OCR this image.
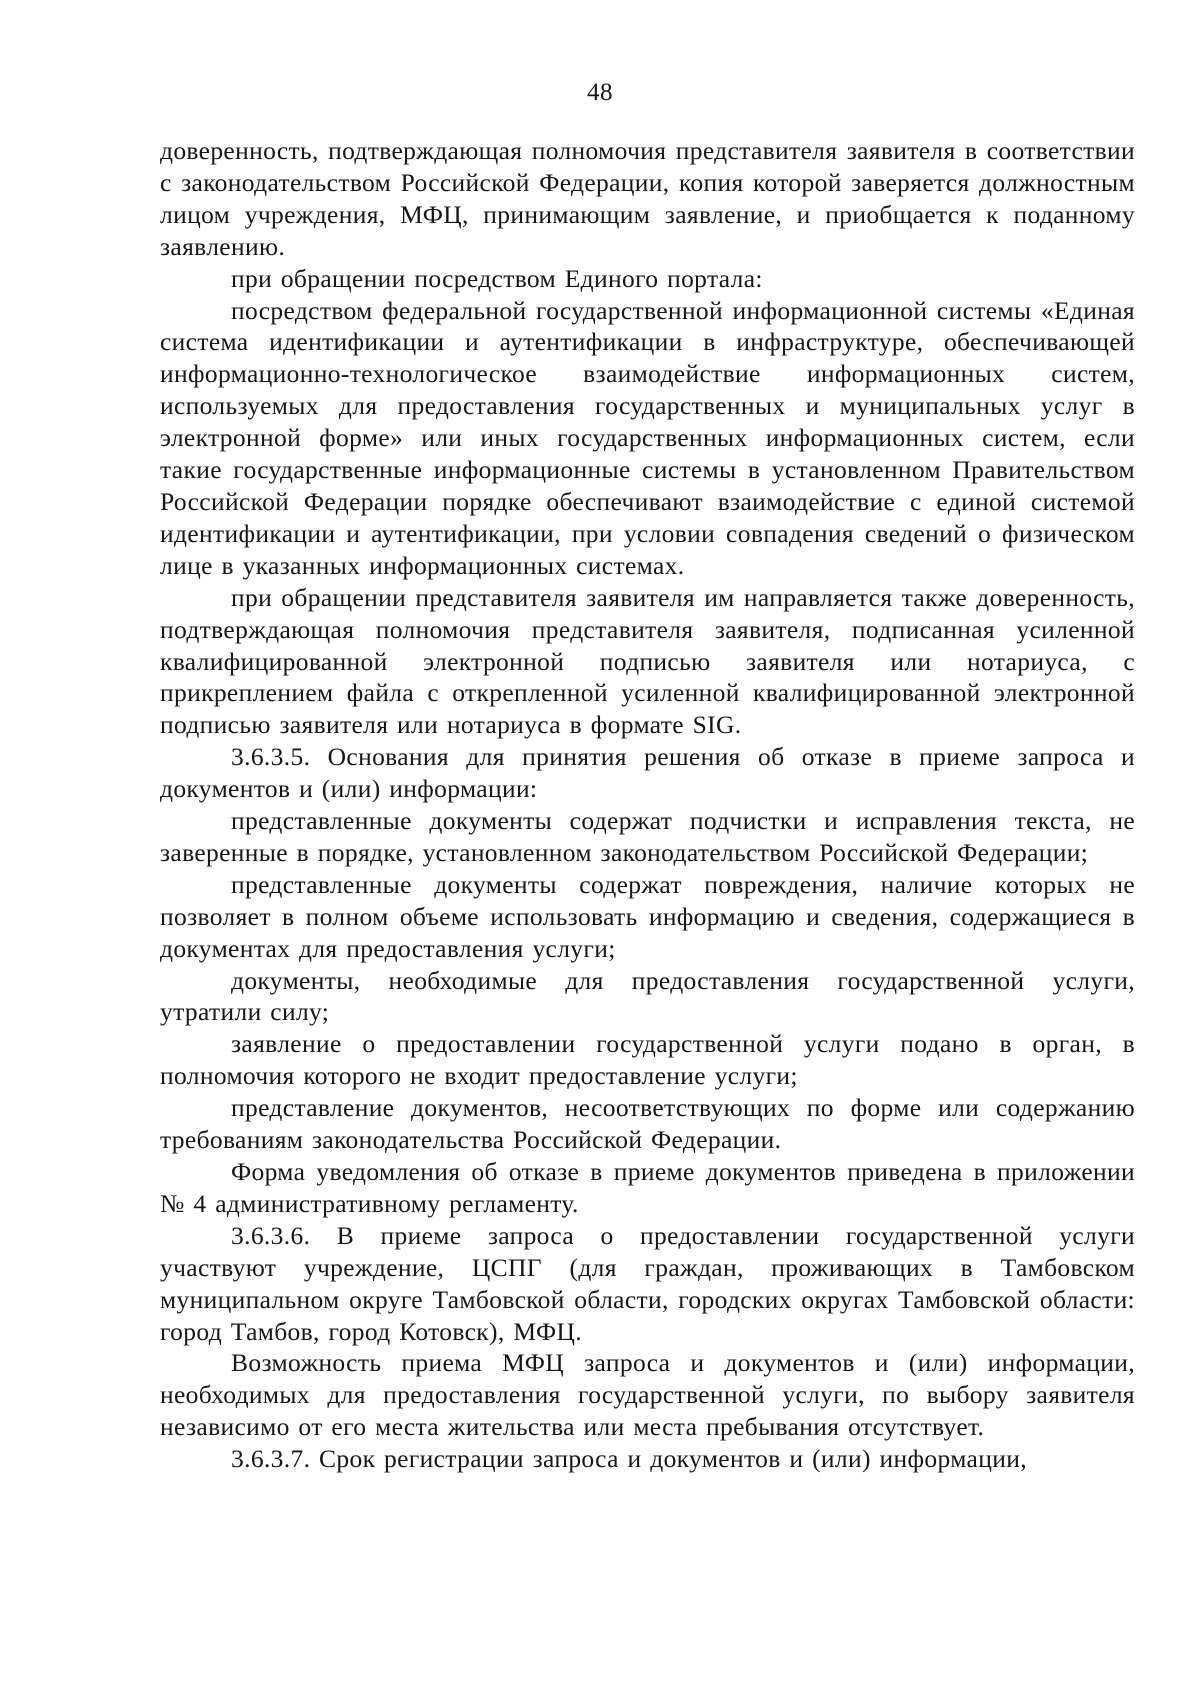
48

доверенность, подтверждающая полномочия представителя заявителя в соответствии с законодательством Российской Федерации, копия которой заверяется должностным лицом учреждения, МФЦ, принимающим заявление, и приобщается к поданному заявлению.

при обращении посредством Единого портала:

посредством федеральной государственной информационной системы «Единая система идентификации и аутентификации в инфраструктуре, обеспечивающей информационно-технологическое взаимодействие информационных систем, используемых для предоставления государственных и муниципальных услуг в электронной форме» или иных государственных информационных систем, если такие государственные информационные системы в установленном Правительством Российской Федерации порядке обеспечивают взаимодействие с единой системой идентификации и аутентификации, при условии совпадения сведений о физическом лице в указанных информационных системах.

при обращении представителя заявителя им направляется также доверенность, подтверждающая полномочия представителя заявителя, подписанная усиленной квалифицированной электронной подписью заявителя или нотариуса, с прикреплением файла с открепленной усиленной квалифицированной электронной подписью заявителя или нотариуса в формате SIG.

3.6.3.5. Основания для принятия решения об отказе в приеме запроса и документов и (или) информации:

представленные документы содержат подчистки и исправления текста, не заверенные в порядке, установленном законодательством Российской Федерации;

представленные документы содержат повреждения, наличие которых не позволяет в полном объеме использовать информацию и сведения, содержащиеся в документах для предоставления услуги;

документы, необходимые для предоставления государственной услуги, утратили силу;

заявление о предоставлении государственной услуги подано в орган, в полномочия которого не входит предоставление услуги;

представление документов, несоответствующих по форме или содержанию требованиям законодательства Российской Федерации.

Форма уведомления об отказе в приеме документов приведена в приложении № 4 административному регламенту.

3.6.3.6. В приеме запроса о предоставлении государственной услуги участвуют учреждение, ЦСПГ (для граждан, проживающих в Тамбовском муниципальном округе Тамбовской области, городских округах Тамбовской области: город Тамбов, город Котовск), МФЦ.

Возможность приема МФЦ запроса и документов и (или) информации, необходимых для предоставления государственной услуги, по выбору заявителя независимо от его места жительства или места пребывания отсутствует.

3.6.3.7. Срок регистрации запроса и документов и (или) информации,
